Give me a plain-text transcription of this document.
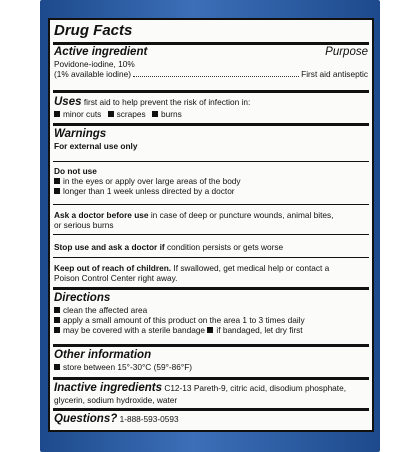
Drug Facts
Active ingredient	Purpose
Povidone-iodine, 10%
(1% available iodine)	First aid antiseptic
Uses first aid to help prevent the risk of infection in:
minor cuts scrapes burns
Warnings
For external use only
Do not use
in the eyes or apply over large areas of the body
longer than 1 week unless directed by a doctor
Ask a doctor before use in case of deep or puncture wounds, animal bites,
or serious burns
Stop use and ask a doctor if condition persists or gets worse
Keep out of reach of children. If swallowed, get medical help or contact a
Poison Control Center right away.
Directions
clean the affected area
apply a small amount of this product on the area 1 to 3 times daily
may be covered with a sterile bandage if bandaged, let dry first
Other information
store between 15°-30°C (59°-86°F)
Inactive ingredients C12-13 Pareth-9, citric acid, disodium phosphate,
glycerin, sodium hydroxide, water
Questions? 1-888-593-0593
